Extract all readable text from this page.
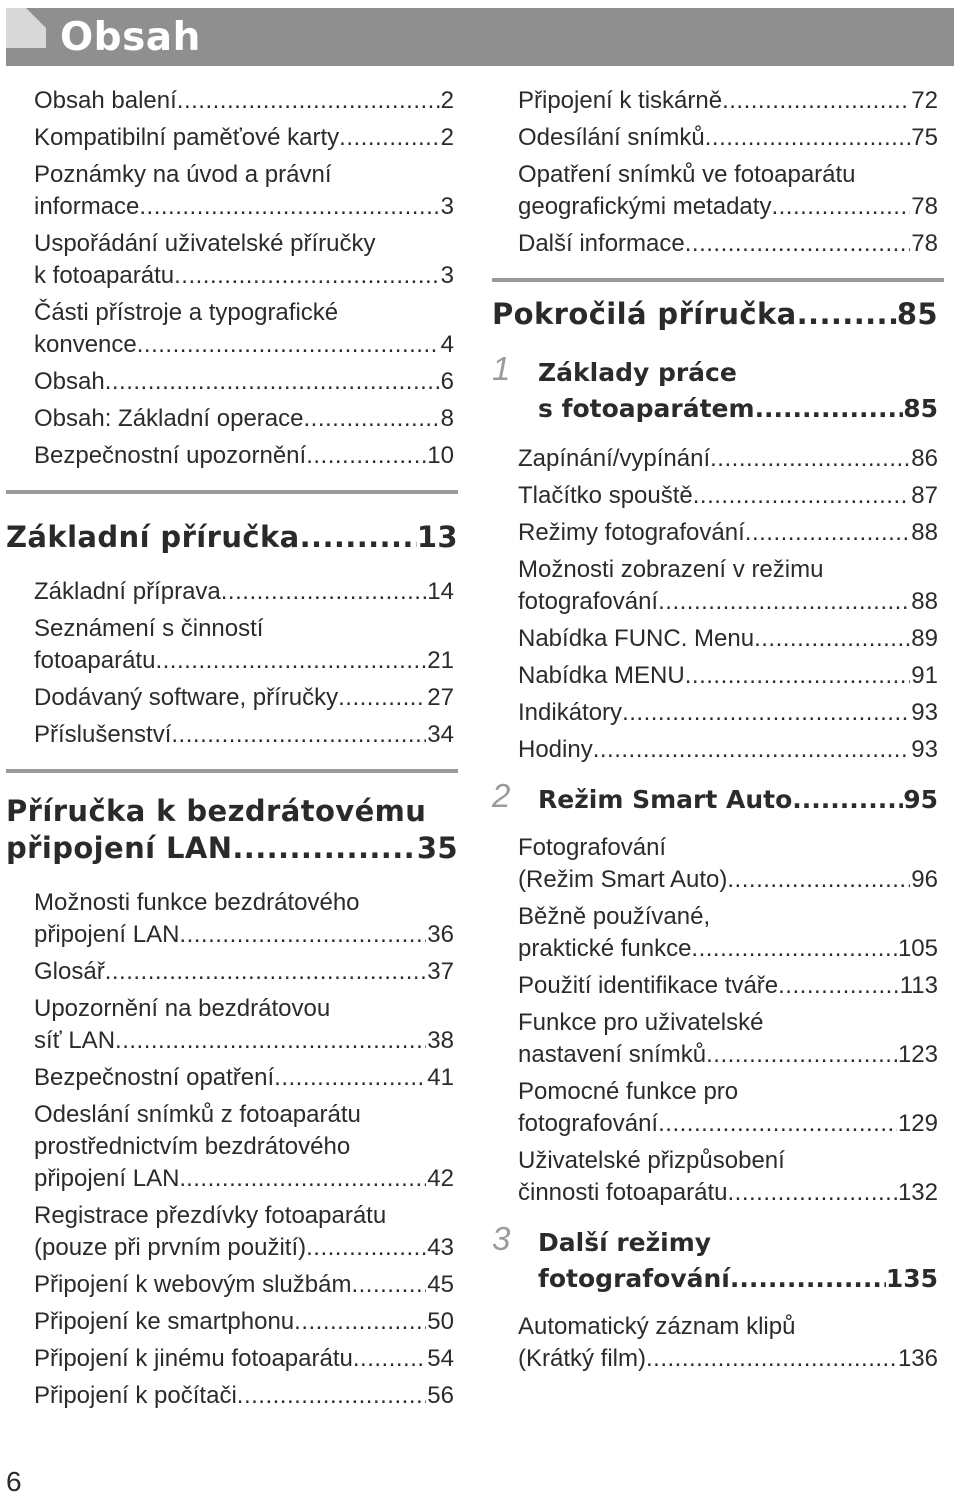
Obsah
Obsah balení .....	2
Kompatibilní paměťové karty .....	2
Poznámky na úvod a právní
informace .....	3
Uspořádání uživatelské příručky
k fotoaparátu .....	3
Části přístroje a typografické
konvence .....	4
Obsah .....	6
Obsah: Základní operace .....	8
Bezpečnostní upozornění .....	10
Základní příručka .....	13
Základní příprava .....	14
Seznámení s činností
fotoaparátu .....	21
Dodávaný software, příručky .....	27
Příslušenství .....	34
Příručka k bezdrátovému
připojení LAN .....	35
Možnosti funkce bezdrátového
připojení LAN .....	36
Glosář .....	37
Upozornění na bezdrátovou
síť LAN .....	38
Bezpečnostní opatření .....	41
Odeslání snímků z fotoaparátu
prostřednictvím bezdrátového
připojení LAN. .....	42
Registrace přezdívky fotoaparátu
(pouze při prvním použití) .....	43
Připojení k webovým službám .....	45
Připojení ke smartphonu .....	50
Připojení k jinému fotoaparátu .....	54
Připojení k počítači .....	56
Připojení k tiskárně .....	72
Odesílání snímků .....	75
Opatření snímků ve fotoaparátu
geografickými metadaty .....	78
Další informace .....	78
Pokročilá příručka .....	85
1 Základy práce
s fotoaparátem .....	85
Zapínání/vypínání .....	86
Tlačítko spouště .....	87
Režimy fotografování .....	88
Možnosti zobrazení v režimu
fotografování .....	88
Nabídka FUNC. Menu .....	89
Nabídka MENU .....	91
Indikátory .....	93
Hodiny .....	93
2 Režim Smart Auto .....	95
Fotografování
(Režim Smart Auto) .....	96
Běžně používané,
praktické funkce .....	105
Použití identifikace tváře .....	113
Funkce pro uživatelské
nastavení snímků .....	123
Pomocné funkce pro
fotografování .....	129
Uživatelské přizpůsobení
činnosti fotoaparátu .....	132
3 Další režimy
fotografování .....	135
Automatický záznam klipů
(Krátký film) .....	136
6
